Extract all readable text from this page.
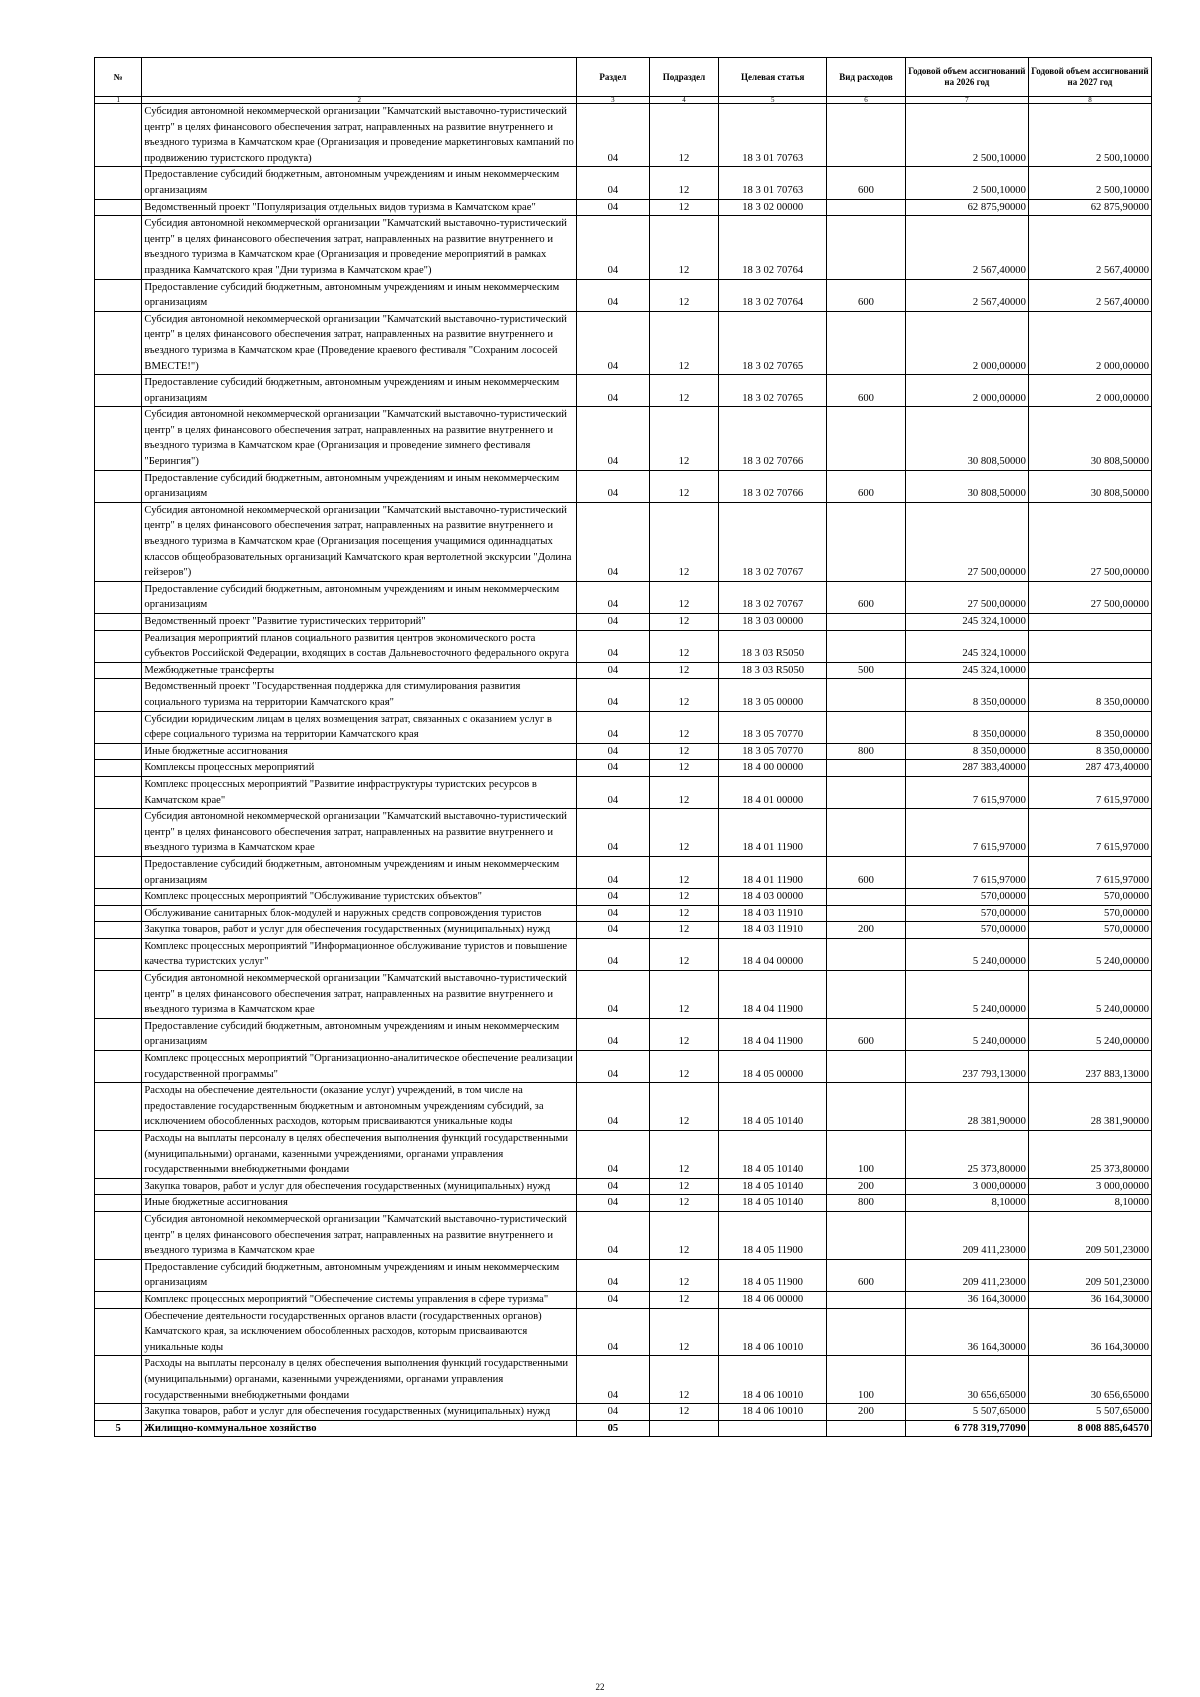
№		Раздел	Подраздел	Целевая статья	Вид расходов	Годовой объем ассигнований на 2026 год	Годовой объем ассигнований на 2027 год
1	2	3	4	5	6	7	8
	Субсидия автономной некоммерческой организации "Камчатский выставочно-туристический центр" в целях финансового обеспечения затрат, направленных на развитие внутреннего и въездного туризма в Камчатском крае (Организация и проведение маркетинговых кампаний по продвижению туристского продукта)	04	12	18 3 01 70763		2 500,10000	2 500,10000
	Предоставление субсидий бюджетным, автономным учреждениям и иным некоммерческим организациям	04	12	18 3 01 70763	600	2 500,10000	2 500,10000
	Ведомственный проект "Популяризация отдельных видов туризма в Камчатском крае"	04	12	18 3 02 00000		62 875,90000	62 875,90000
	Субсидия автономной некоммерческой организации "Камчатский выставочно-туристический центр" в целях финансового обеспечения затрат, направленных на развитие внутреннего и въездного туризма в Камчатском крае (Организация и проведение мероприятий в рамках праздника Камчатского края "Дни туризма в Камчатском крае")	04	12	18 3 02 70764		2 567,40000	2 567,40000
	Предоставление субсидий бюджетным, автономным учреждениям и иным некоммерческим организациям	04	12	18 3 02 70764	600	2 567,40000	2 567,40000
	Субсидия автономной некоммерческой организации "Камчатский выставочно-туристический центр" в целях финансового обеспечения затрат, направленных на развитие внутреннего и въездного туризма в Камчатском крае (Проведение краевого фестиваля "Сохраним лососей ВМЕСТЕ!")	04	12	18 3 02 70765		2 000,00000	2 000,00000
	Предоставление субсидий бюджетным, автономным учреждениям и иным некоммерческим организациям	04	12	18 3 02 70765	600	2 000,00000	2 000,00000
	Субсидия автономной некоммерческой организации "Камчатский выставочно-туристический центр" в целях финансового обеспечения затрат, направленных на развитие внутреннего и въездного туризма в Камчатском крае (Организация и проведение зимнего фестиваля "Берингия")	04	12	18 3 02 70766		30 808,50000	30 808,50000
	Предоставление субсидий бюджетным, автономным учреждениям и иным некоммерческим организациям	04	12	18 3 02 70766	600	30 808,50000	30 808,50000
	Субсидия автономной некоммерческой организации "Камчатский выставочно-туристический центр" в целях финансового обеспечения затрат, направленных на развитие внутреннего и въездного туризма в Камчатском крае (Организация посещения учащимися одиннадцатых классов общеобразовательных организаций Камчатского края вертолетной экскурсии "Долина гейзеров")	04	12	18 3 02 70767		27 500,00000	27 500,00000
	Предоставление субсидий бюджетным, автономным учреждениям и иным некоммерческим организациям	04	12	18 3 02 70767	600	27 500,00000	27 500,00000
	Ведомственный проект "Развитие туристических территорий"	04	12	18 3 03 00000		245 324,10000	
	Реализация мероприятий планов социального развития центров экономического роста субъектов Российской Федерации, входящих в состав Дальневосточного федерального округа	04	12	18 3 03 R5050		245 324,10000	
	Межбюджетные трансферты	04	12	18 3 03 R5050	500	245 324,10000	
	Ведомственный проект "Государственная поддержка для стимулирования развития социального туризма на территории Камчатского края"	04	12	18 3 05 00000		8 350,00000	8 350,00000
	Субсидии юридическим лицам в целях возмещения затрат, связанных с оказанием услуг в сфере социального туризма на территории Камчатского края	04	12	18 3 05 70770		8 350,00000	8 350,00000
	Иные бюджетные ассигнования	04	12	18 3 05 70770	800	8 350,00000	8 350,00000
	Комплексы процессных мероприятий	04	12	18 4 00 00000		287 383,40000	287 473,40000
	Комплекс процессных мероприятий "Развитие инфраструктуры туристских ресурсов в Камчатском крае"	04	12	18 4 01 00000		7 615,97000	7 615,97000
	Субсидия автономной некоммерческой организации "Камчатский выставочно-туристический центр" в целях финансового обеспечения затрат, направленных на развитие внутреннего и въездного туризма в Камчатском крае	04	12	18 4 01 11900		7 615,97000	7 615,97000
	Предоставление субсидий бюджетным, автономным учреждениям и иным некоммерческим организациям	04	12	18 4 01 11900	600	7 615,97000	7 615,97000
	Комплекс процессных мероприятий "Обслуживание туристских объектов"	04	12	18 4 03 00000		570,00000	570,00000
	Обслуживание санитарных блок-модулей и наружных средств сопровождения туристов	04	12	18 4 03 11910		570,00000	570,00000
	Закупка товаров, работ и услуг для обеспечения государственных (муниципальных) нужд	04	12	18 4 03 11910	200	570,00000	570,00000
	Комплекс процессных мероприятий "Информационное обслуживание туристов и повышение качества туристских услуг"	04	12	18 4 04 00000		5 240,00000	5 240,00000
	Субсидия автономной некоммерческой организации "Камчатский выставочно-туристический центр" в целях финансового обеспечения затрат, направленных на развитие внутреннего и въездного туризма в Камчатском крае	04	12	18 4 04 11900		5 240,00000	5 240,00000
	Предоставление субсидий бюджетным, автономным учреждениям и иным некоммерческим организациям	04	12	18 4 04 11900	600	5 240,00000	5 240,00000
	Комплекс процессных мероприятий "Организационно-аналитическое обеспечение реализации государственной программы"	04	12	18 4 05 00000		237 793,13000	237 883,13000
	Расходы на обеспечение деятельности (оказание услуг) учреждений, в том числе на предоставление государственным бюджетным и автономным учреждениям субсидий, за исключением обособленных расходов, которым присваиваются уникальные коды	04	12	18 4 05 10140		28 381,90000	28 381,90000
	Расходы на выплаты персоналу в целях обеспечения выполнения функций государственными (муниципальными) органами, казенными учреждениями, органами управления государственными внебюджетными фондами	04	12	18 4 05 10140	100	25 373,80000	25 373,80000
	Закупка товаров, работ и услуг для обеспечения государственных (муниципальных) нужд	04	12	18 4 05 10140	200	3 000,00000	3 000,00000
	Иные бюджетные ассигнования	04	12	18 4 05 10140	800	8,10000	8,10000
	Субсидия автономной некоммерческой организации "Камчатский выставочно-туристический центр" в целях финансового обеспечения затрат, направленных на развитие внутреннего и въездного туризма в Камчатском крае	04	12	18 4 05 11900		209 411,23000	209 501,23000
	Предоставление субсидий бюджетным, автономным учреждениям и иным некоммерческим организациям	04	12	18 4 05 11900	600	209 411,23000	209 501,23000
	Комплекс процессных мероприятий "Обеспечение системы управления в сфере туризма"	04	12	18 4 06 00000		36 164,30000	36 164,30000
	Обеспечение деятельности государственных органов власти (государственных органов) Камчатского края, за исключением обособленных расходов, которым присваиваются уникальные коды	04	12	18 4 06 10010		36 164,30000	36 164,30000
	Расходы на выплаты персоналу в целях обеспечения выполнения функций государственными (муниципальными) органами, казенными учреждениями, органами управления государственными внебюджетными фондами	04	12	18 4 06 10010	100	30 656,65000	30 656,65000
	Закупка товаров, работ и услуг для обеспечения государственных (муниципальных) нужд	04	12	18 4 06 10010	200	5 507,65000	5 507,65000
5	Жилищно-коммунальное хозяйство	05				6 778 319,77090	8 008 885,64570
22
